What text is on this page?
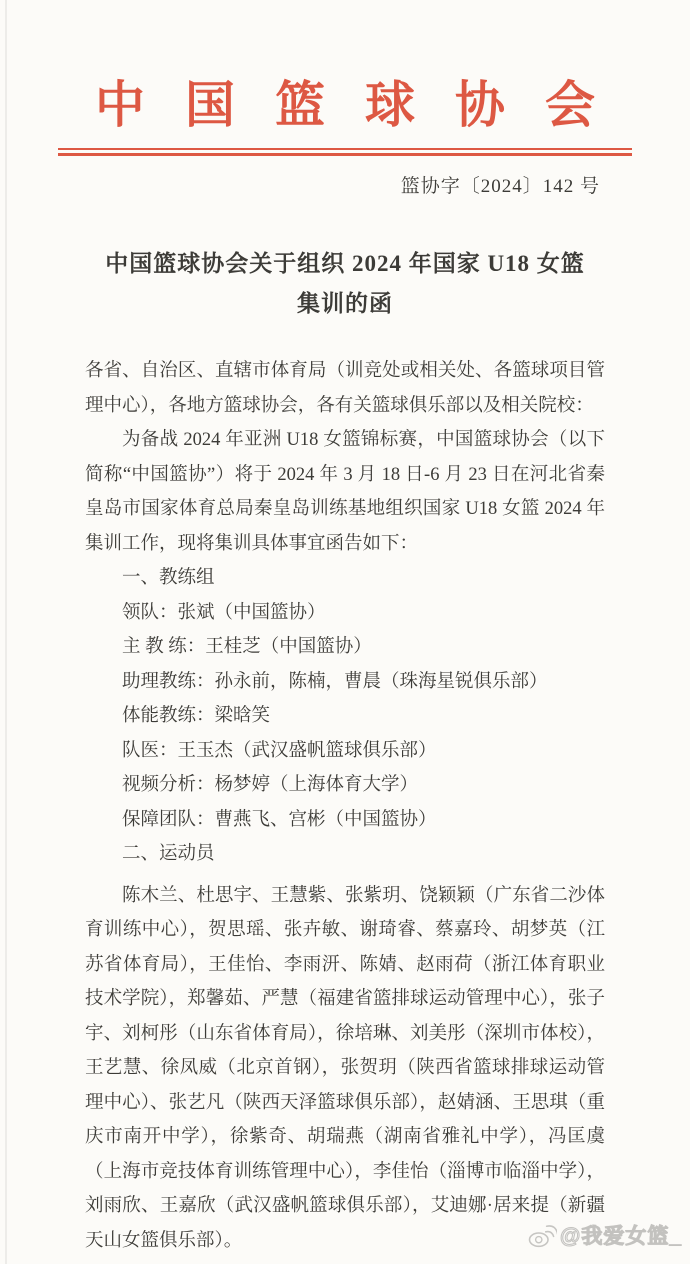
中国篮球协会
篮协字〔2024〕142 号
中国篮球协会关于组织 2024 年国家 U18 女篮
集训的函

各省、自治区、直辖市体育局（训竞处或相关处、各篮球项目管理中心），各地方篮球协会，各有关篮球俱乐部以及相关院校：

为备战 2024 年亚洲 U18 女篮锦标赛，中国篮球协会（以下简称“中国篮协”）将于 2024 年 3 月 18 日-6 月 23 日在河北省秦皇岛市国家体育总局秦皇岛训练基地组织国家 U18 女篮 2024 年集训工作，现将集训具体事宜函告如下：

一、教练组

领队：张斌（中国篮协）

主 教 练：王桂芝（中国篮协）

助理教练：孙永前，陈楠，曹晨（珠海星锐俱乐部）

体能教练：梁晗笑

队医：王玉杰（武汉盛帆篮球俱乐部）

视频分析：杨梦婷（上海体育大学）

保障团队：曹燕飞、宫彬（中国篮协）

二、运动员

陈木兰、杜思宇、王慧紫、张紫玥、饶颖颖（广东省二沙体育训练中心），贺思瑶、张卉敏、谢琦睿、蔡嘉玲、胡梦英（江苏省体育局），王佳怡、李雨汧、陈婧、赵雨荷（浙江体育职业技术学院），郑馨茹、严慧（福建省篮排球运动管理中心），张子宇、刘柯彤（山东省体育局），徐培琳、刘美彤（深圳市体校），王艺慧、徐凤威（北京首钢），张贺玥（陕西省篮球排球运动管理中心）、张艺凡（陕西天泽篮球俱乐部），赵婧涵、王思琪（重庆市南开中学），徐紫奇、胡瑞燕（湖南省雅礼中学），冯匡虞（上海市竞技体育训练管理中心），李佳怡（淄博市临淄中学），刘雨欣、王嘉欣（武汉盛帆篮球俱乐部），艾迪娜·居来提（新疆天山女篮俱乐部）。	@我爱女篮_
